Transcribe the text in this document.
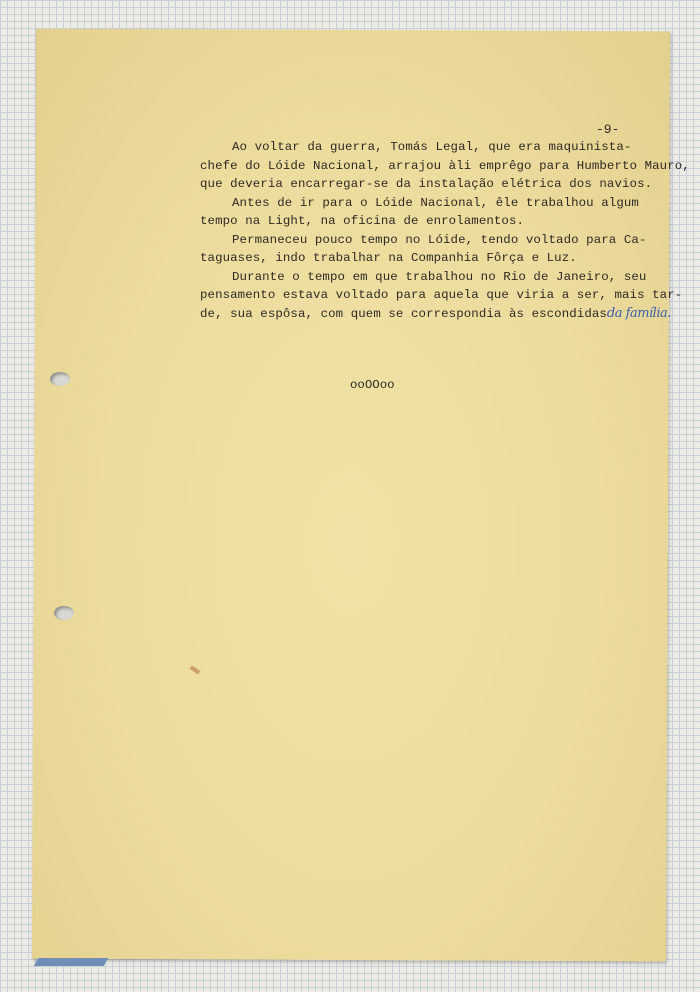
-9-
Ao voltar da guerra, Tomás Legal, que era maquinista-
chefe do Lóide Nacional, arrajou àli emprêgo para Humberto Mauro,
que deveria encarregar-se da instalação elétrica dos navios.
Antes de ir para o Lóide Nacional, êle trabalhou algum
tempo na Light, na oficina de enrolamentos.
Permaneceu pouco tempo no Lóide, tendo voltado para Ca-
taguases, indo trabalhar na Companhia Fôrça e Luz.
Durante o tempo em que trabalhou no Rio de Janeiro, seu
pensamento estava voltado para aquela que viria a ser, mais tar-
de, sua espôsa, com quem se correspondia às escondidasda família.
ooOOoo
